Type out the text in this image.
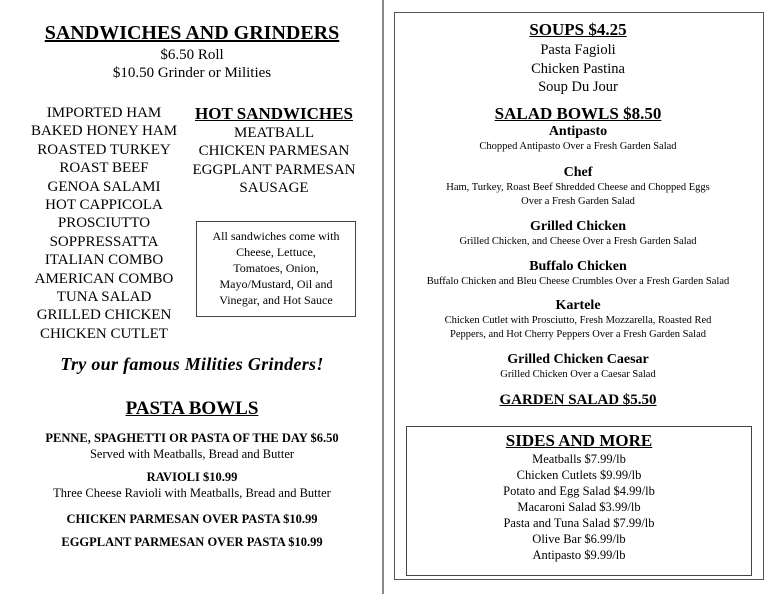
SANDWICHES AND GRINDERS
$6.50 Roll
$10.50 Grinder or Milities
IMPORTED HAM
BAKED HONEY HAM
ROASTED TURKEY
ROAST BEEF
GENOA SALAMI
HOT CAPPICOLA
PROSCIUTTO
SOPPRESSATTA
ITALIAN COMBO
AMERICAN COMBO
TUNA SALAD
GRILLED CHICKEN
CHICKEN CUTLET
HOT SANDWICHES
MEATBALL
CHICKEN PARMESAN
EGGPLANT PARMESAN
SAUSAGE
All sandwiches come with
Cheese, Lettuce,
Tomatoes, Onion,
Mayo/Mustard, Oil and
Vinegar, and Hot Sauce
Try our famous Milities Grinders!
PASTA BOWLS
PENNE, SPAGHETTI OR PASTA OF THE DAY $6.50
Served with Meatballs, Bread and Butter
RAVIOLI $10.99
Three Cheese Ravioli with Meatballs, Bread and Butter
CHICKEN PARMESAN OVER PASTA $10.99
EGGPLANT PARMESAN OVER PASTA $10.99
SOUPS $4.25
Pasta Fagioli
Chicken Pastina
Soup Du Jour
SALAD BOWLS $8.50
Antipasto
Chopped Antipasto Over a Fresh Garden Salad
Chef
Ham, Turkey, Roast Beef Shredded Cheese and Chopped Eggs
Over a Fresh Garden Salad
Grilled Chicken
Grilled Chicken, and Cheese Over a Fresh Garden Salad
Buffalo Chicken
Buffalo Chicken and Bleu Cheese Crumbles Over a Fresh Garden Salad
Kartele
Chicken Cutlet with Prosciutto, Fresh Mozzarella, Roasted Red
Peppers, and Hot Cherry Peppers Over a Fresh Garden Salad
Grilled Chicken Caesar
Grilled Chicken Over a Caesar Salad
GARDEN SALAD $5.50
SIDES AND MORE
Meatballs $7.99/lb
Chicken Cutlets $9.99/lb
Potato and Egg Salad $4.99/lb
Macaroni Salad $3.99/lb
Pasta and Tuna Salad $7.99/lb
Olive Bar $6.99/lb
Antipasto $9.99/lb
